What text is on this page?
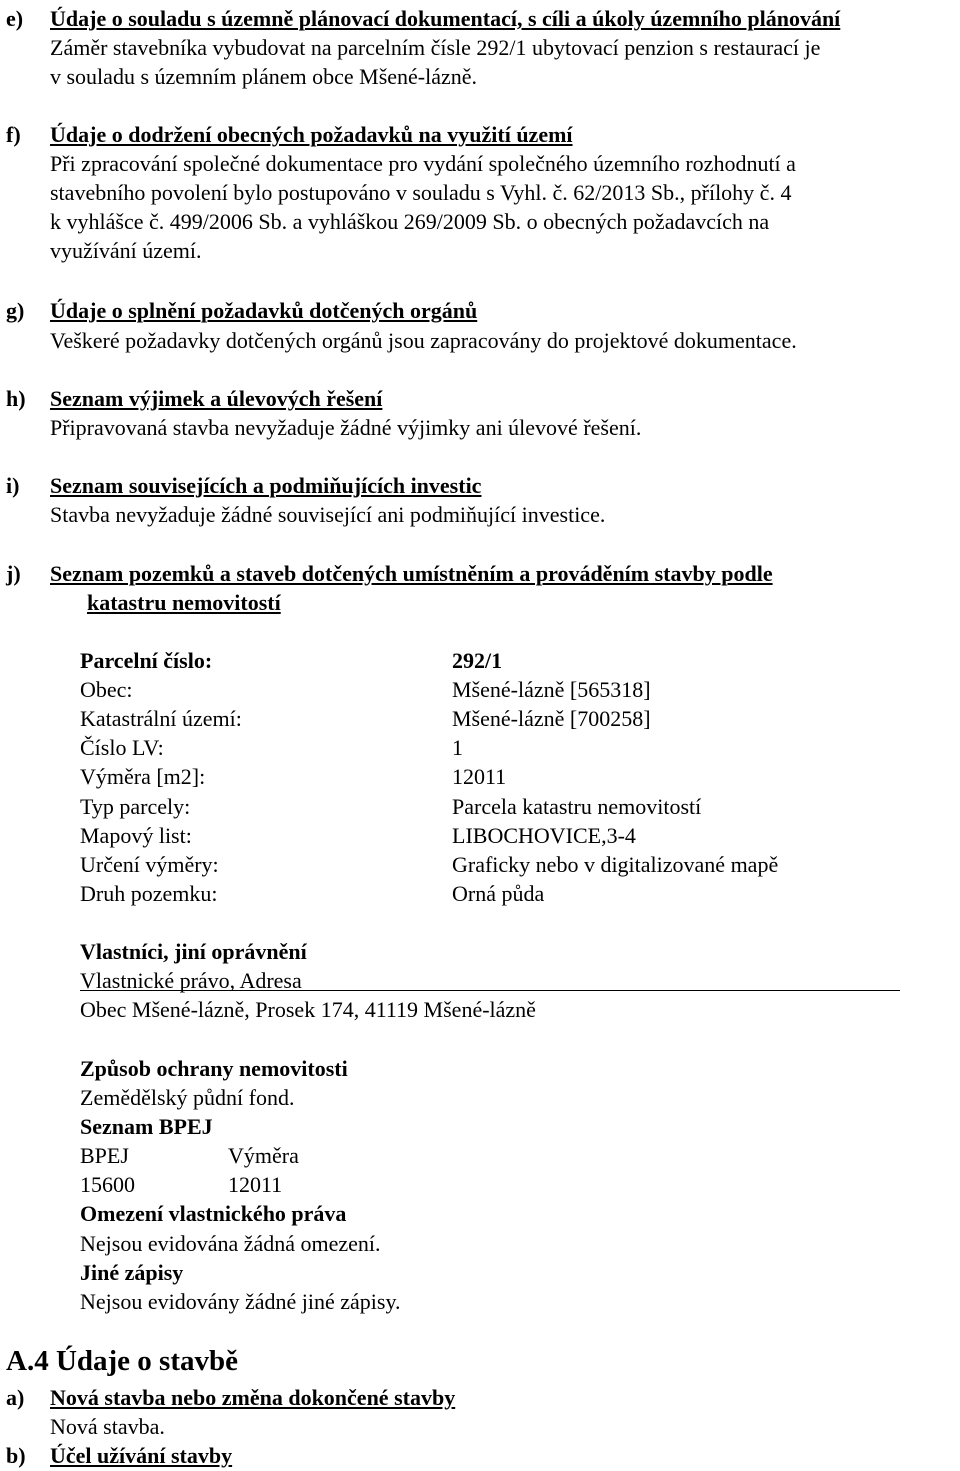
e) Údaje o souladu s územně plánovací dokumentací, s cíli a úkoly územního plánování
Záměr stavebníka vybudovat na parcelním čísle 292/1 ubytovací penzion s restaurací je
v souladu s územním plánem obce Mšené-lázně.
f) Údaje o dodržení obecných požadavků na využití území
Při zpracování společné dokumentace pro vydání společného územního rozhodnutí a
stavebního povolení bylo postupováno v souladu s Vyhl. č. 62/2013 Sb., přílohy č. 4
k vyhlášce č. 499/2006 Sb. a vyhláškou 269/2009 Sb. o obecných požadavcích na
využívání území.
g) Údaje o splnění požadavků dotčených orgánů
Veškeré požadavky dotčených orgánů jsou zapracovány do projektové dokumentace.
h) Seznam výjimek a úlevových řešení
Připravovaná stavba nevyžaduje žádné výjimky ani úlevové řešení.
i) Seznam souvisejících a podmiňujících investic
Stavba nevyžaduje žádné související ani podmiňující investice.
j) Seznam pozemků a staveb dotčených umístněním a prováděním stavby podle
katastru nemovitostí
Parcelní číslo:	292/1
Obec:	Mšené-lázně [565318]
Katastrální území:	Mšené-lázně [700258]
Číslo LV:	1
Výměra [m2]:	12011
Typ parcely:	Parcela katastru nemovitostí
Mapový list:	LIBOCHOVICE,3-4
Určení výměry:	Graficky nebo v digitalizované mapě
Druh pozemku:	Orná půda
Vlastníci, jiní oprávnění
Vlastnické právo, Adresa
Obec Mšené-lázně, Prosek 174, 41119 Mšené-lázně
Způsob ochrany nemovitosti
Zemědělský půdní fond.
Seznam BPEJ
BPEJ	Výměra
15600	12011
Omezení vlastnického práva
Nejsou evidována žádná omezení.
Jiné zápisy
Nejsou evidovány žádné jiné zápisy.
A.4 Údaje o stavbě
a) Nová stavba nebo změna dokončené stavby
Nová stavba.
b) Účel užívání stavby
